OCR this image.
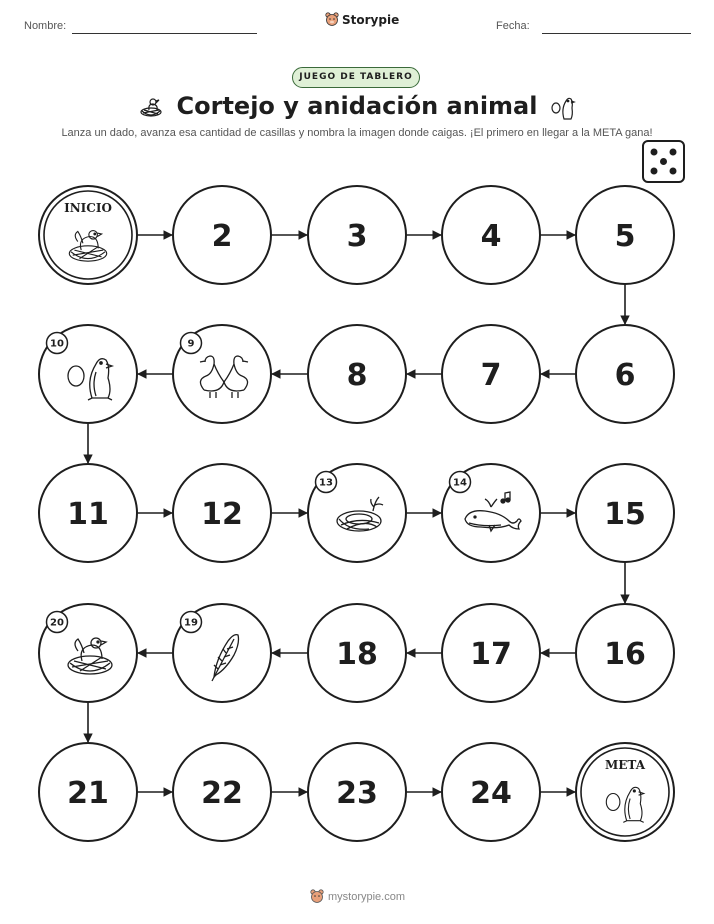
Nombre:	Storypie	Fecha:
JUEGO DE TABLERO
Cortejo y anidación animal
Lanza un dado, avanza esa cantidad de casillas y nombra la imagen donde caigas. ¡El primero en llegar a la META gana!
INICIO
2	3	4	5
6
7
8
9
10
11	12
13	14
15
16
17
18
19
20
21	22	23	24
META
mystorypie.com
